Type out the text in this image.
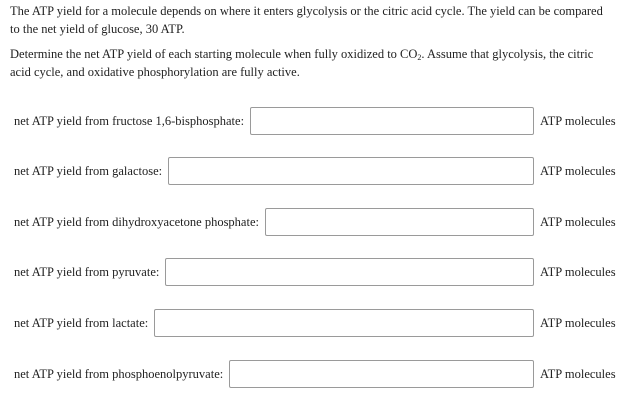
The ATP yield for a molecule depends on where it enters glycolysis or the citric acid cycle. The yield can be compared to the net yield of glucose, 30 ATP.

Determine the net ATP yield of each starting molecule when fully oxidized to $CO_2$. Assume that glycolysis, the citric acid cycle, and oxidative phosphorylation are fully active.

net ATP yield from fructose 1,6-bisphosphate:	ATP molecules
net ATP yield from galactose:	ATP molecules
net ATP yield from dihydroxyacetone phosphate:	ATP molecules
net ATP yield from pyruvate:	ATP molecules
net ATP yield from lactate:	ATP molecules
net ATP yield from phosphoenolpyruvate:	ATP molecules
